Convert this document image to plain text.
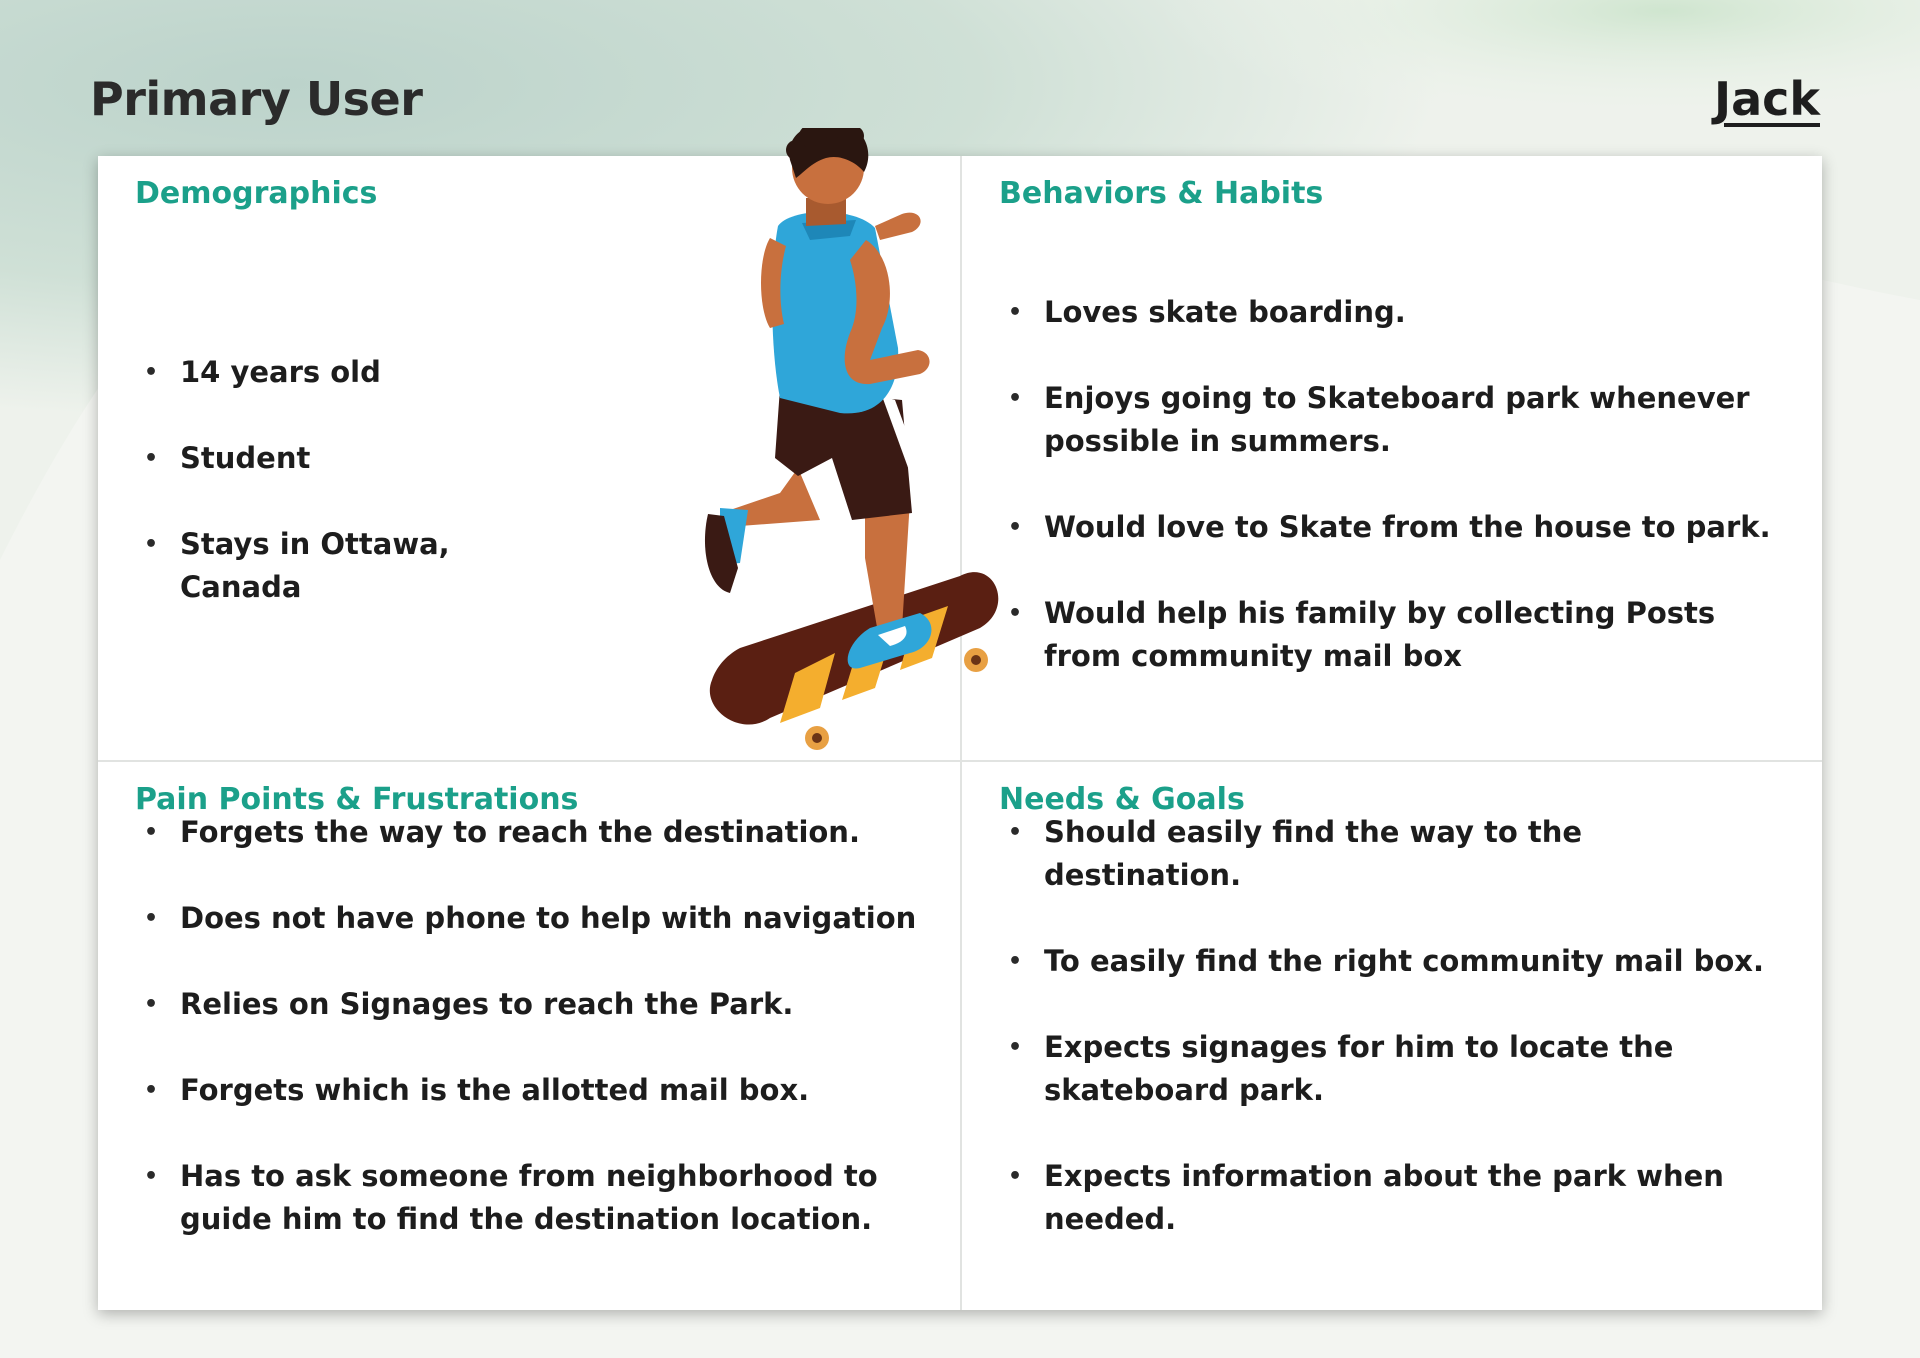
Primary User	Jack
Demographics
• 14 years old
• Student
• Stays in Ottawa, Canada
Behaviors & Habits
• Loves skate boarding.
• Enjoys going to Skateboard park whenever possible in summers.
• Would love to Skate from the house to park.
• Would help his family by collecting Posts from community mail box
Pain Points & Frustrations
• Forgets the way to reach the destination.
• Does not have phone to help with navigation
• Relies on Signages to reach the Park.
• Forgets which is the allotted mail box.
• Has to ask someone from neighborhood to guide him to find the destination location.
Needs & Goals
• Should easily find the way to the destination.
• To easily find the right community mail box.
• Expects signages for him to locate the skateboard park.
• Expects information about the park when needed.
